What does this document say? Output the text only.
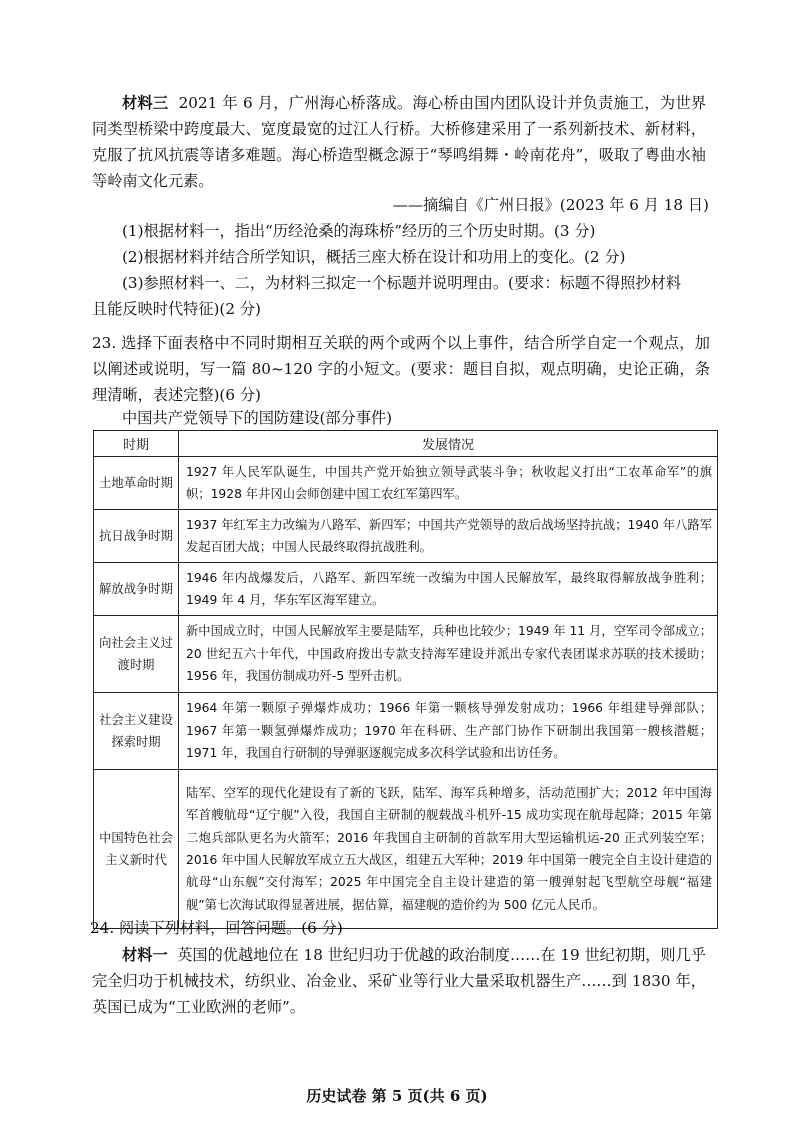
材料三 2021 年 6 月，广州海心桥落成。海心桥由国内团队设计并负责施工，为世界同类型桥梁中跨度最大、宽度最宽的过江人行桥。大桥修建采用了一系列新技术、新材料，克服了抗风抗震等诸多难题。海心桥造型概念源于“琴鸣绢舞・岭南花舟”，吸取了粤曲水袖等岭南文化元素。

——摘编自《广州日报》(2023 年 6 月 18 日)

(1)根据材料一，指出“历经沧桑的海珠桥”经历的三个历史时期。(3 分)

(2)根据材料并结合所学知识，概括三座大桥在设计和功用上的变化。(2 分)

(3)参照材料一、二，为材料三拟定一个标题并说明理由。(要求：标题不得照抄材料

且能反映时代特征)(2 分)

23. 选择下面表格中不同时期相互关联的两个或两个以上事件，结合所学自定一个观点，加以阐述或说明，写一篇 80~120 字的小短文。(要求：题目自拟，观点明确，史论正确，条理清晰，表述完整)(6 分)

中国共产党领导下的国防建设(部分事件)
时期	发展情况
土地革命时期	1927 年人民军队诞生，中国共产党开始独立领导武装斗争；秋收起义打出“工农革命军”的旗帜；1928 年井冈山会师创建中国工农红军第四军。
抗日战争时期	1937 年红军主力改编为八路军、新四军；中国共产党领导的敌后战场坚持抗战；1940 年八路军发起百团大战；中国人民最终取得抗战胜利。
解放战争时期	1946 年内战爆发后，八路军、新四军统一改编为中国人民解放军，最终取得解放战争胜利；1949 年 4 月，华东军区海军建立。
向社会主义过渡时期	新中国成立时，中国人民解放军主要是陆军，兵种也比较少；1949 年 11 月，空军司令部成立；20 世纪五六十年代，中国政府拨出专款支持海军建设并派出专家代表团谋求苏联的技术援助；1956 年，我国仿制成功歼-5 型歼击机。
社会主义建设探索时期	1964 年第一颗原子弹爆炸成功；1966 年第一颗核导弹发射成功；1966 年组建导弹部队；1967 年第一颗氢弹爆炸成功；1970 年在科研、生产部门协作下研制出我国第一艘核潜艇；1971 年，我国自行研制的导弹驱逐舰完成多次科学试验和出访任务。
中国特色社会主义新时代	陆军、空军的现代化建设有了新的飞跃，陆军、海军兵种增多，活动范围扩大；2012 年中国海军首艘航母“辽宁舰”入役，我国自主研制的舰载战斗机歼-15 成功实现在航母起降；2015 年第二炮兵部队更名为火箭军；2016 年我国自主研制的首款军用大型运输机运-20 正式列装空军；2016 年中国人民解放军成立五大战区，组建五大军种；2019 年中国第一艘完全自主设计建造的航母“山东舰”交付海军；2025 年中国完全自主设计建造的第一艘弹射起飞型航空母舰“福建舰”第七次海试取得显著进展，据估算，福建舰的造价约为 500 亿元人民币。

24. 阅读下列材料，回答问题。(6 分)

材料一 英国的优越地位在 18 世纪归功于优越的政治制度……在 19 世纪初期，则几乎完全归功于机械技术，纺织业、冶金业、采矿业等行业大量采取机器生产……到 1830 年，英国已成为“工业欧洲的老师”。

历史试卷 第 5 页(共 6 页)
